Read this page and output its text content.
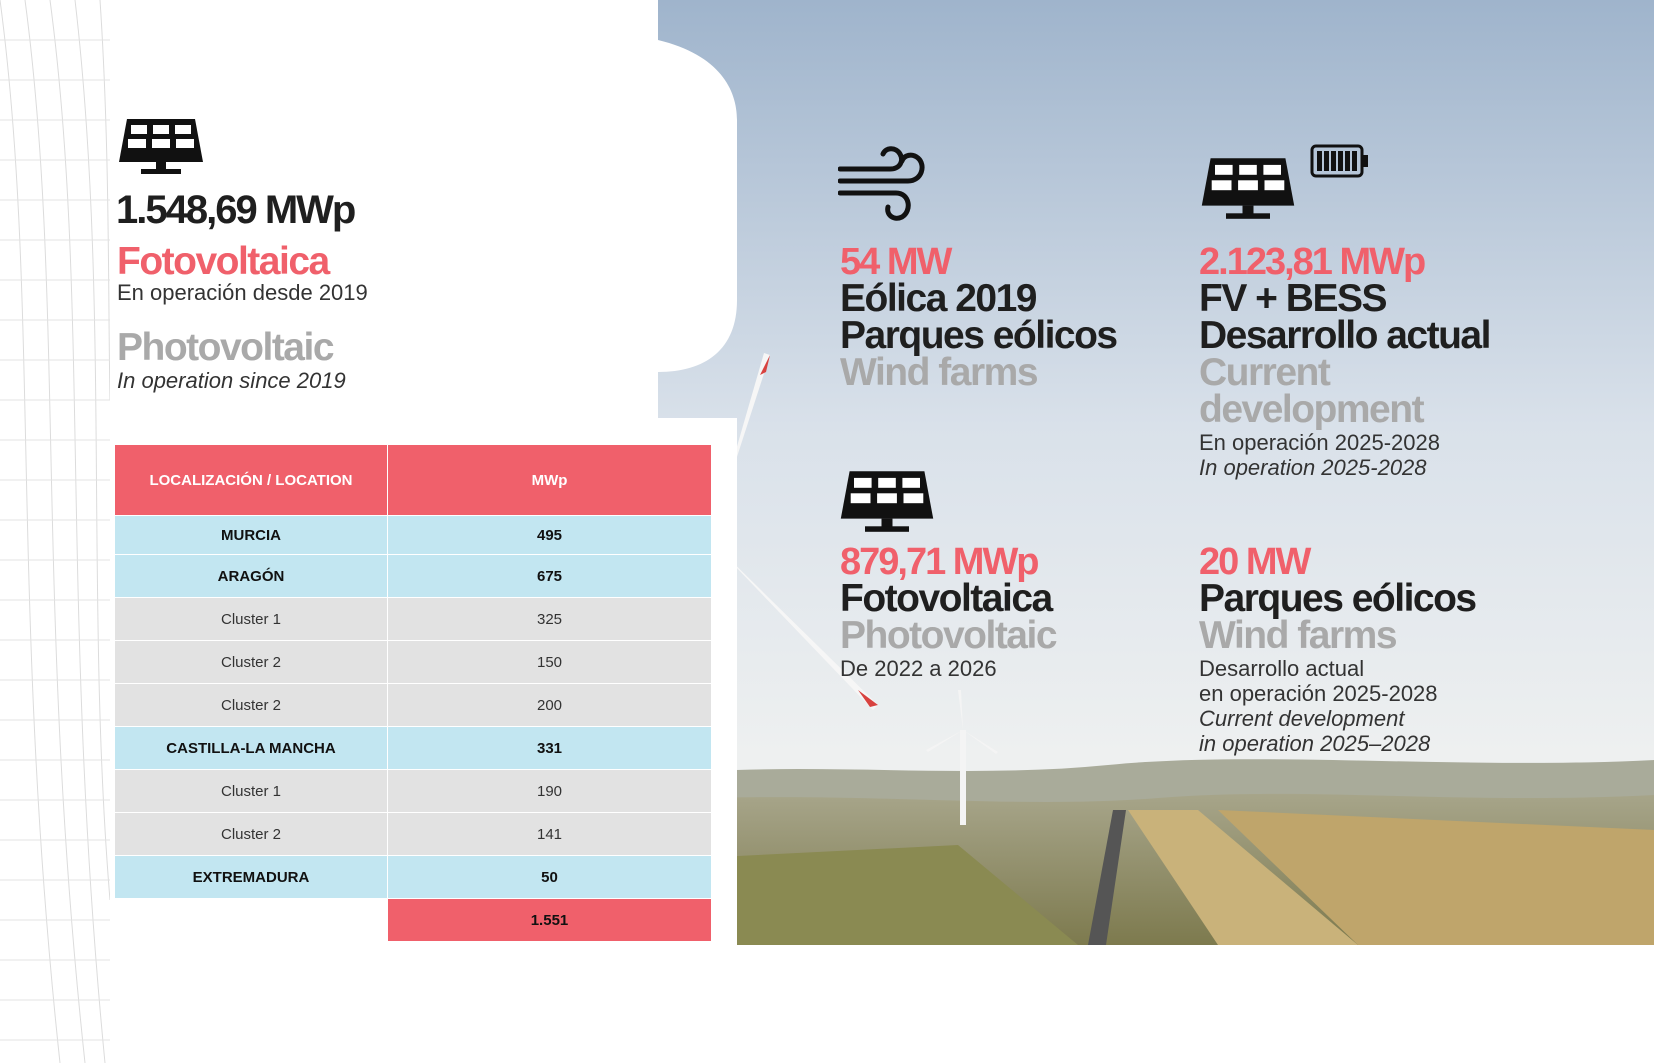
1.548,69 MWp
Fotovoltaica
En operación desde 2019
Photovoltaic
In operation since 2019
LOCALIZACIÓN / LOCATION	MWp
MURCIA	495
ARAGÓN	675
Cluster 1	325
Cluster 2	150
Cluster 2	200
CASTILLA-LA MANCHA	331
Cluster 1	190
Cluster 2	141
EXTREMADURA	50
	1.551
54 MW
Eólica 2019
Parques eólicos
Wind farms
2.123,81 MWp
FV + BESS
Desarrollo actual
Current
development
En operación 2025-2028
In operation 2025-2028
879,71 MWp
Fotovoltaica
Photovoltaic
De 2022 a 2026
20 MW
Parques eólicos
Wind farms
Desarrollo actual
en operación 2025-2028
Current development
in operation 2025–2028
